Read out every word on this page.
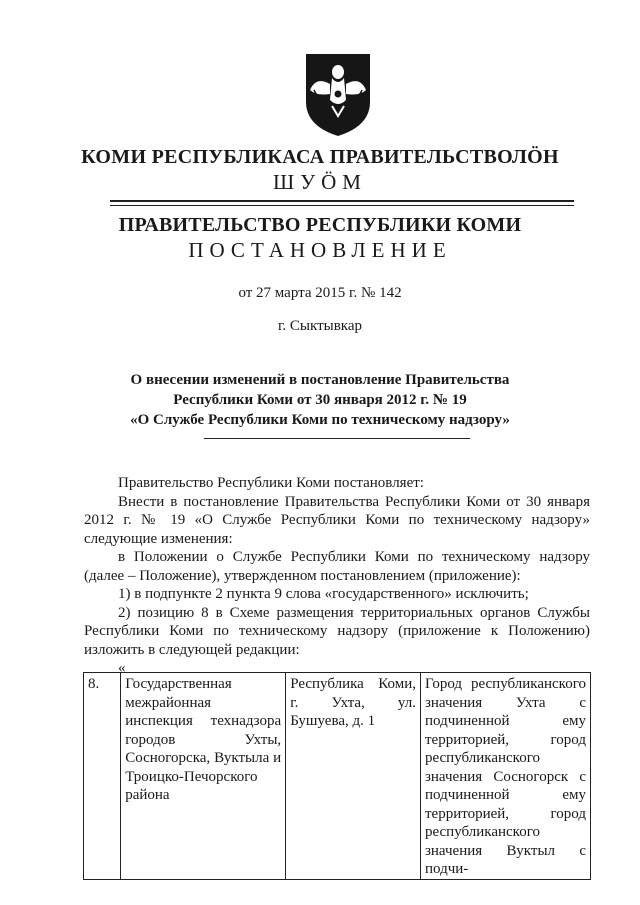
КОМИ РЕСПУБЛИКАСА ПРАВИТЕЛЬСТВОЛÖН
ШУÖМ
ПРАВИТЕЛЬСТВО РЕСПУБЛИКИ КОМИ
ПОСТАНОВЛЕНИЕ
от 27 марта 2015 г. № 142
г. Сыктывкар
О внесении изменений в постановление Правительства
Республики Коми от 30 января 2012 г. № 19
«О Службе Республики Коми по техническому надзору»

Правительство Республики Коми постановляет:

Внести в постановление Правительства Республики Коми от 30 января 2012 г. № 19 «О Службе Республики Коми по техническому надзору» следующие изменения:

в Положении о Службе Республики Коми по техническому надзору (далее – Положение), утвержденном постановлением (приложение):

1) в подпункте 2 пункта 9 слова «государственного» исключить;

2) позицию 8 в Схеме размещения территориальных органов Службы Республики Коми по техническому надзору (приложение к Положению) изложить в следующей редакции:

«

8.	Государственная межрайонная инспекция технадзора городов Ухты, Сосногорска, Вуктыла и Троицко-Печорского района	Республика Коми, г. Ухта, ул. Бушуева, д. 1	Город республиканского значения Ухта с подчиненной ему территорией, город республиканского значения Сосногорск с подчиненной ему территорией, город республиканского значения Вуктыл с подчи-
